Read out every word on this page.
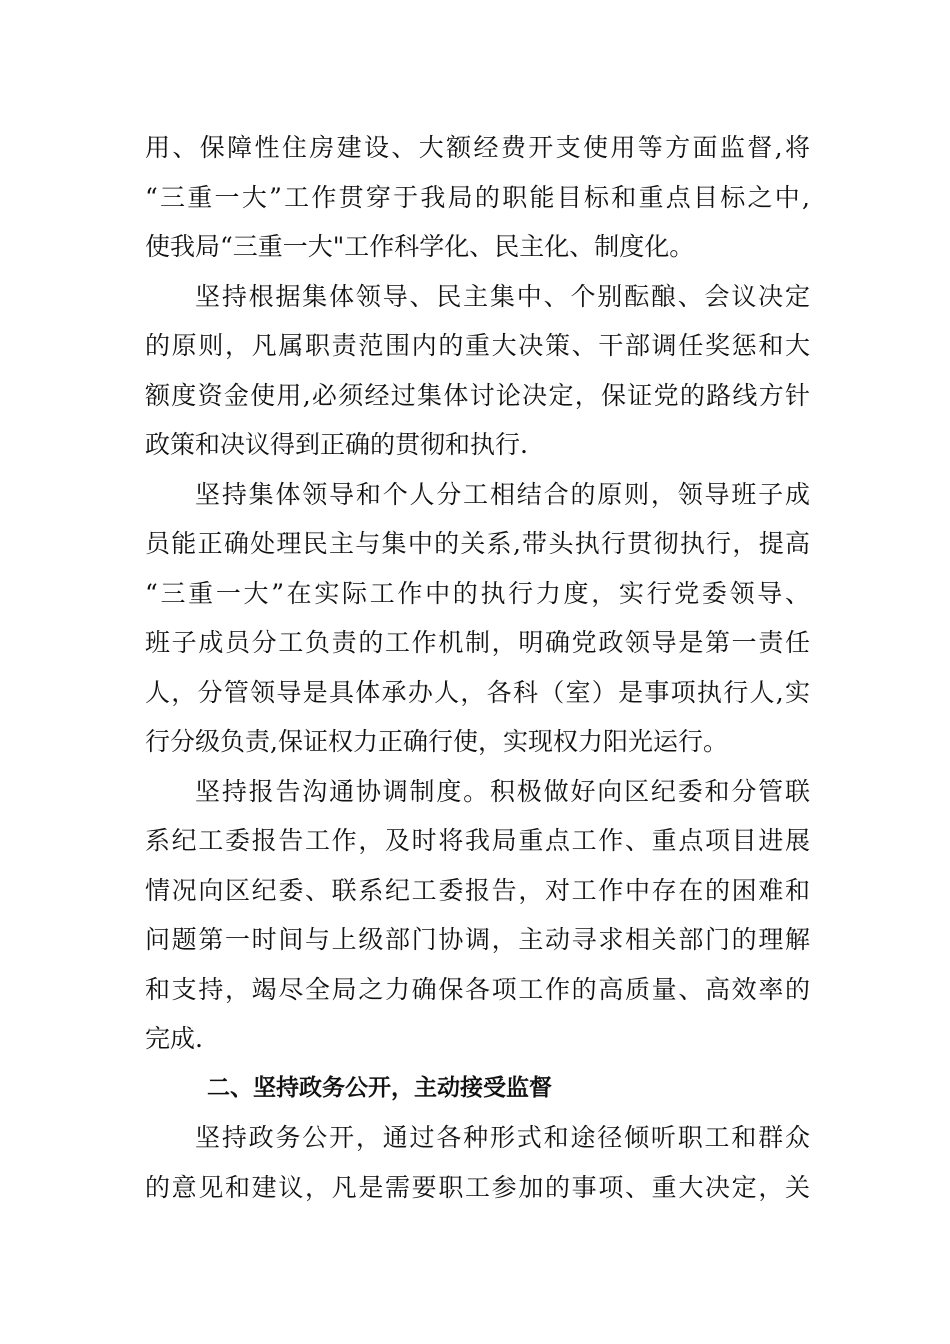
用、保障性住房建设、大额经费开支使用等方面监督,将
“三重一大”工作贯穿于我局的职能目标和重点目标之中,
使我局“三重一大"工作科学化、民主化、制度化。
坚持根据集体领导、民主集中、个别酝酿、会议决定
的原则，凡属职责范围内的重大决策、干部调任奖惩和大
额度资金使用,必须经过集体讨论决定，保证党的路线方针
政策和决议得到正确的贯彻和执行.
坚持集体领导和个人分工相结合的原则，领导班子成
员能正确处理民主与集中的关系,带头执行贯彻执行，提高
“三重一大”在实际工作中的执行力度，实行党委领导、
班子成员分工负责的工作机制，明确党政领导是第一责任
人，分管领导是具体承办人，各科（室）是事项执行人,实
行分级负责,保证权力正确行使，实现权力阳光运行。
坚持报告沟通协调制度。积极做好向区纪委和分管联
系纪工委报告工作，及时将我局重点工作、重点项目进展
情况向区纪委、联系纪工委报告，对工作中存在的困难和
问题第一时间与上级部门协调，主动寻求相关部门的理解
和支持，竭尽全局之力确保各项工作的高质量、高效率的
完成.
二、坚持政务公开，主动接受监督
坚持政务公开，通过各种形式和途径倾听职工和群众
的意见和建议，凡是需要职工参加的事项、重大决定，关
